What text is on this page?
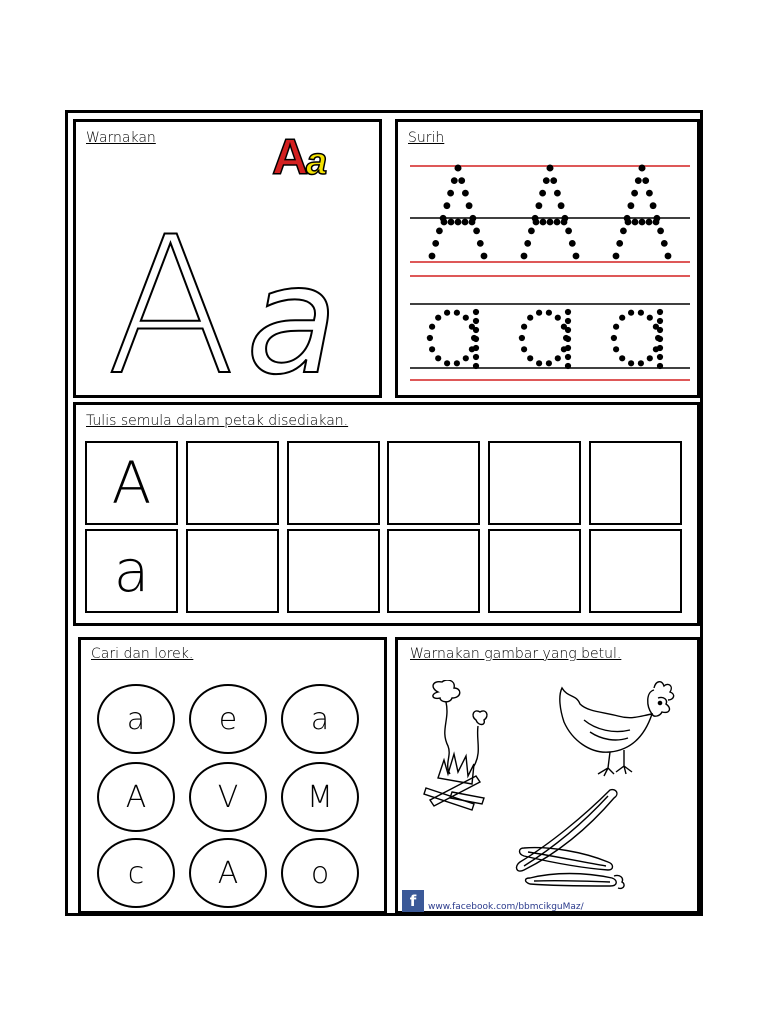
Warnakan A
a
A a
Surih
Tulis semula dalam petak disediakan.
A
a
Cari dan lorek.
a	e	a
A	V	M
c	A	o
Warnakan gambar yang betul.
f	www.facebook.com/bbmcikguMaz/
